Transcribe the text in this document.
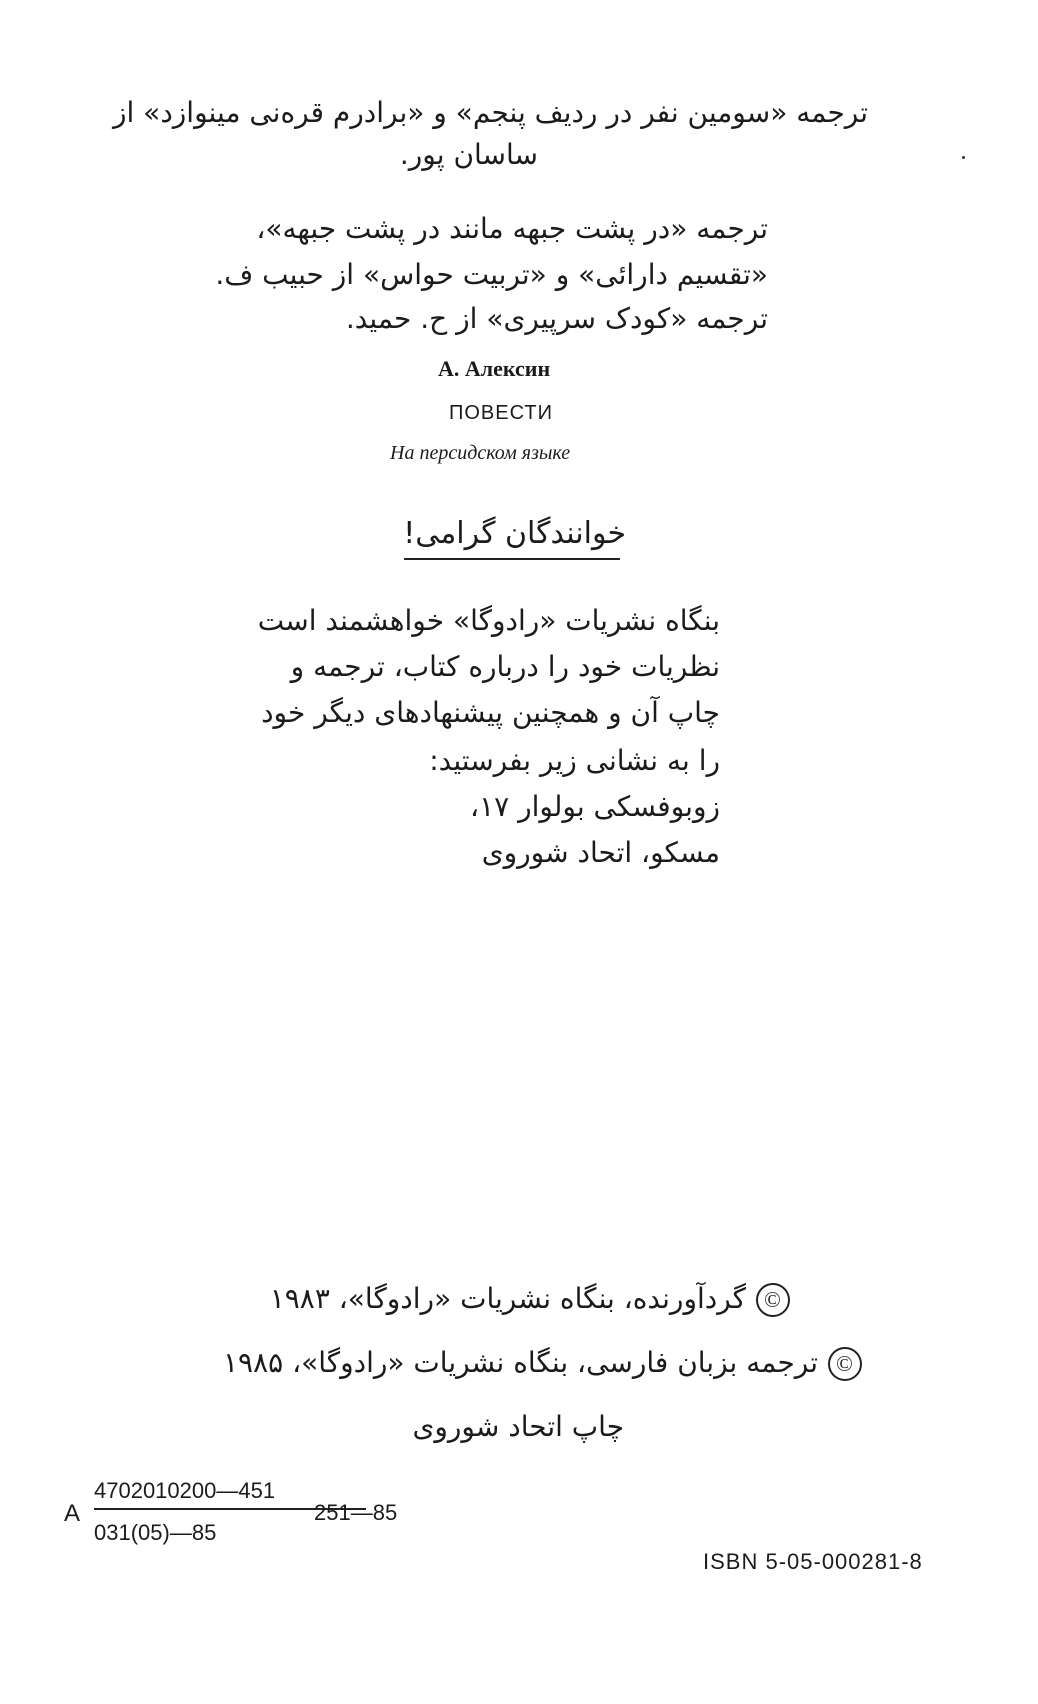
ترجمه «سومین نفر در ردیف پنجم» و «برادرم قره‌نی مینوازد» از
ساسان پور.
ترجمه «در پشت جبهه مانند در پشت جبهه»،
«تقسیم دارائی» و «تربیت حواس» از حبیب ف.
ترجمه «کودک سرپیری» از ح. حمید.
А. Алексин
ПОВЕСТИ
На персидском языке
خوانندگان گرامی!
بنگاه نشریات «رادوگا» خواهشمند است
نظریات خود را درباره کتاب، ترجمه و
چاپ آن و همچنین پیشنهادهای دیگر خود
را به نشانی زیر بفرستید:
زوبوفسکی بولوار ۱۷،
مسکو، اتحاد شوروی
©گردآورنده، بنگاه نشریات «رادوگا»، ۱۹۸۳
©ترجمه بزبان فارسی، بنگاه نشریات «رادوگا»، ۱۹۸۵
چاپ اتحاد شوروی
A
4702010200—451
031(05)—85
251—85
ISBN 5-05-000281-8
